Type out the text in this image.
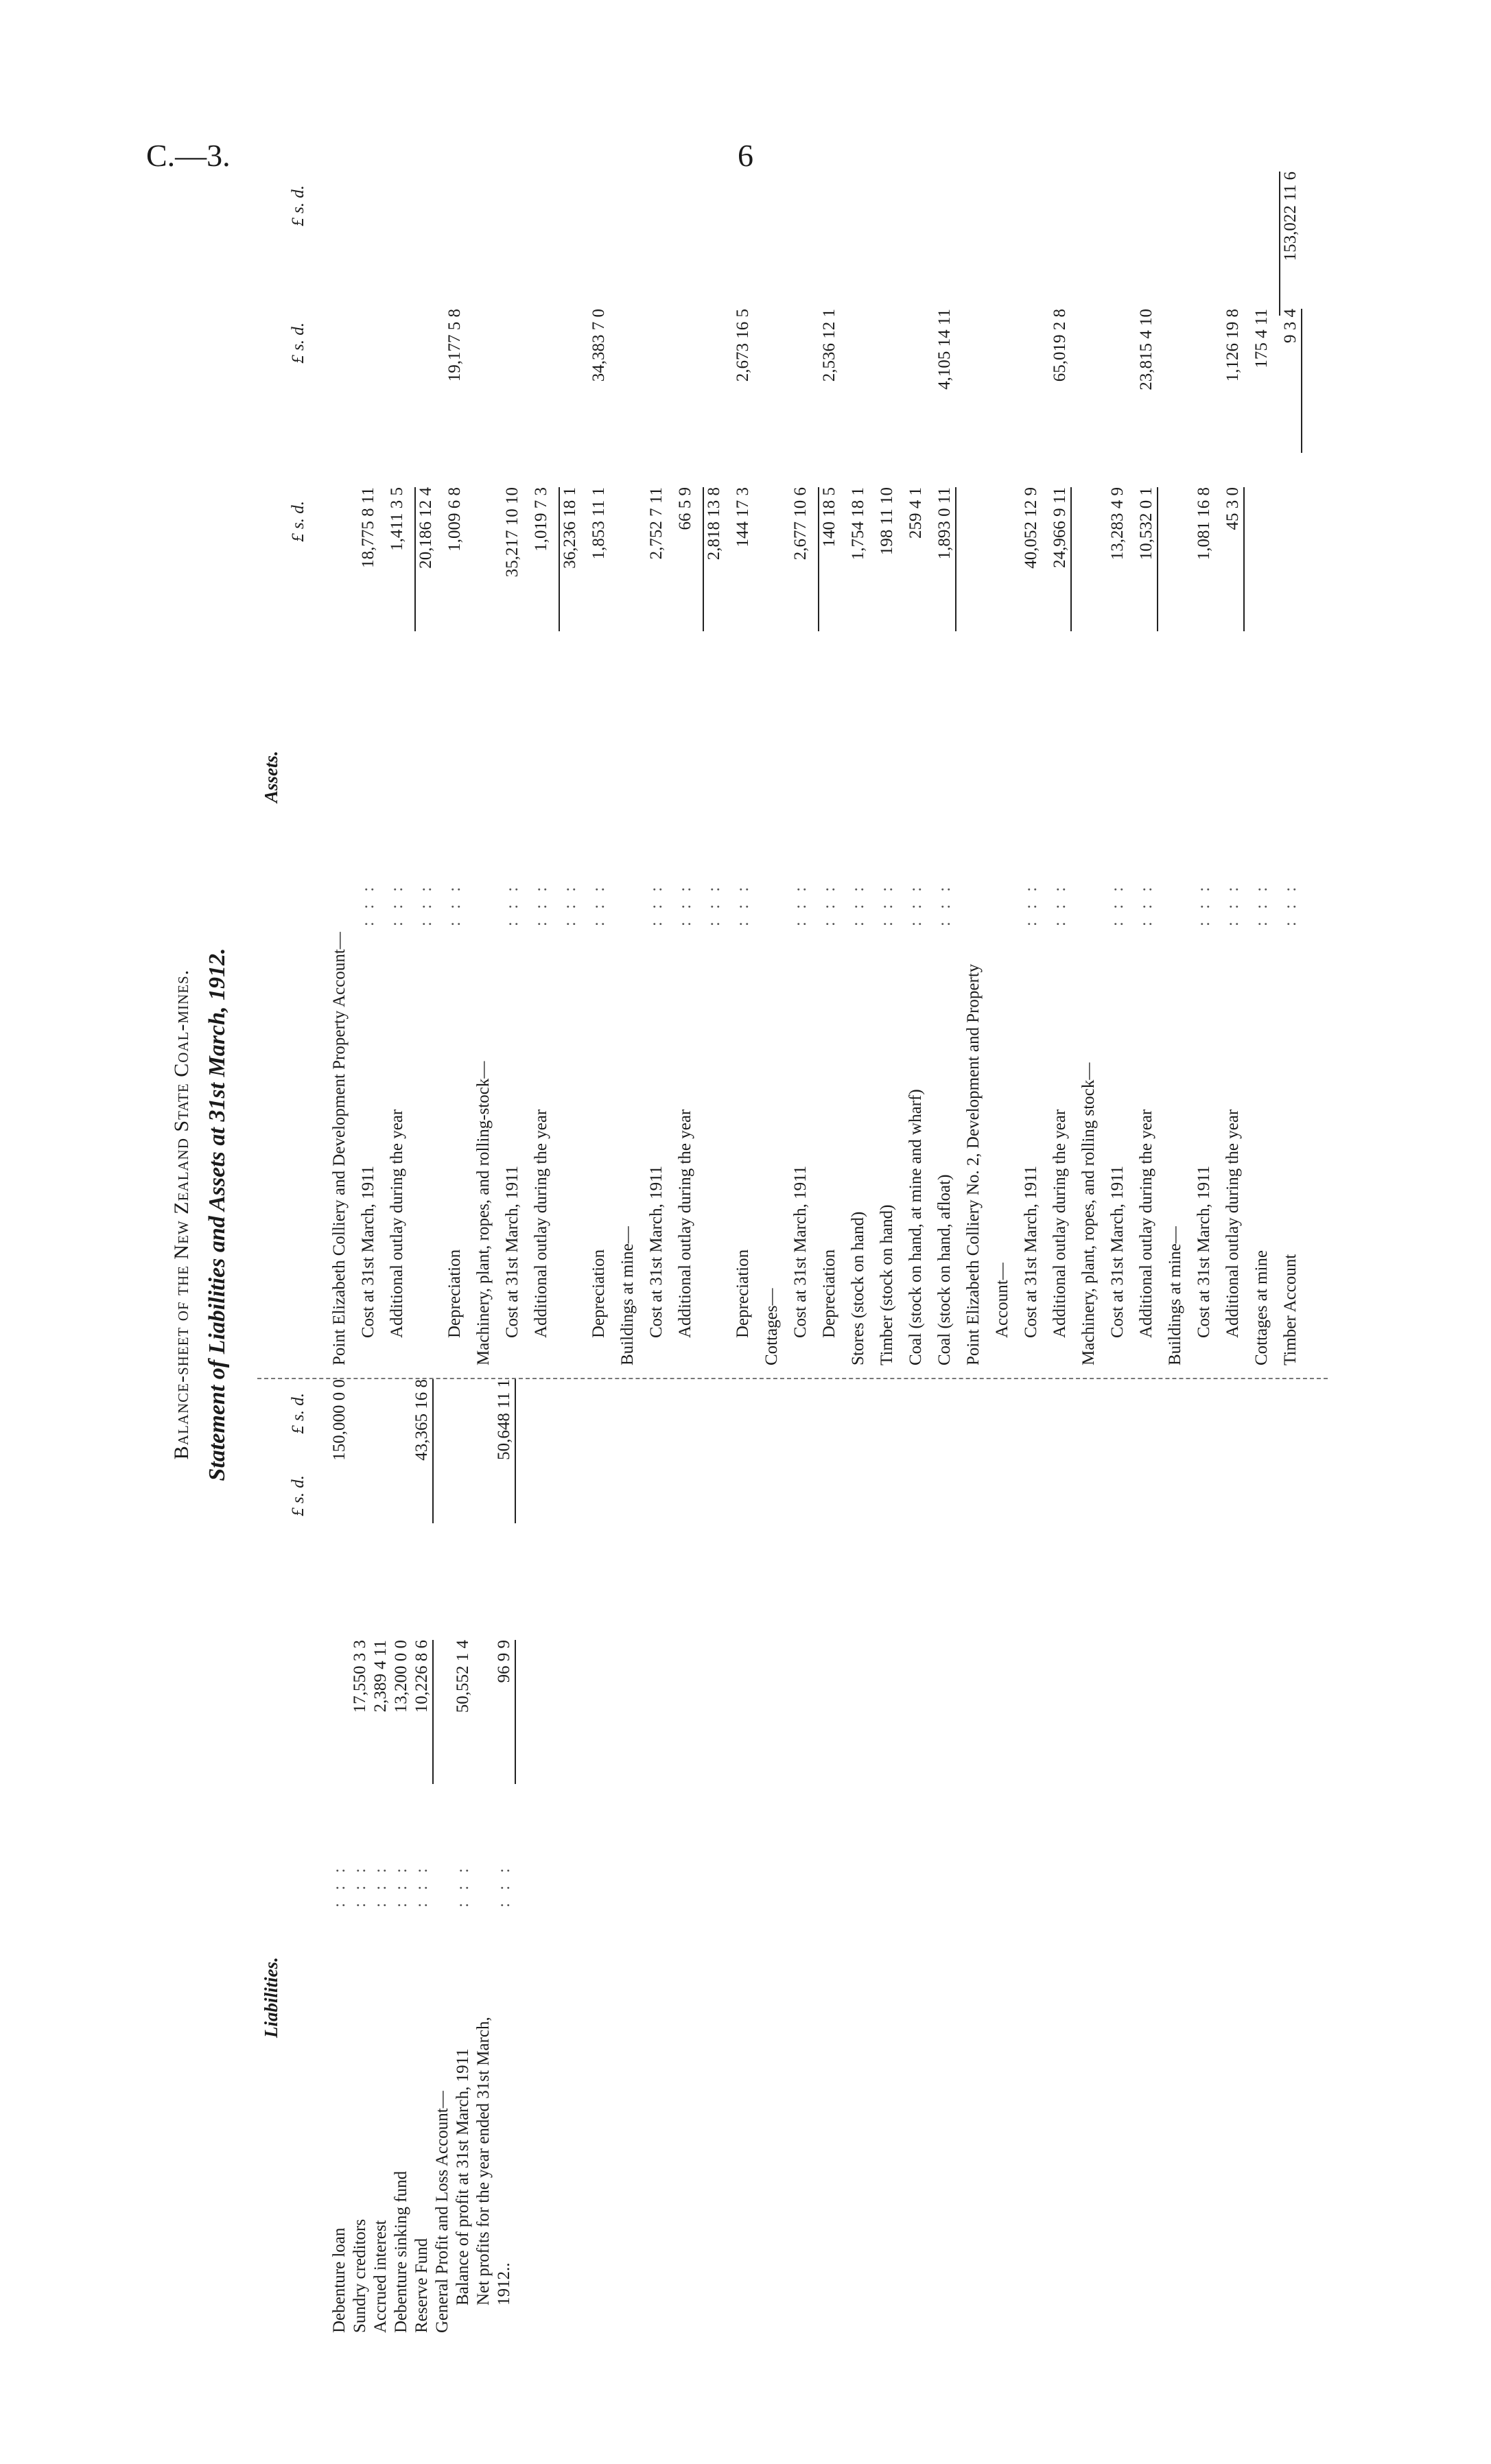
C.—3.	6
Balance-sheet of the New Zealand State Coal-mines. Statement of Liabilities and Assets at 31st March, 1912.
Liabilities.
Assets.
£ s. d.
£ s. d.
£ s. d.
£ s. d.
£ s. d.
Debenture loan
: : :
150,000 0 0
Sundry creditors
: : :
17,550 3 3
Accrued interest
: : :
2,389 4 11
Debenture sinking fund
: : :
13,200 0 0
Reserve Fund
: : :
10,226 8 6
43,365 16 8
General Profit and Loss Account— Balance of profit at 31st March, 1911
: : :
50,552 1 4
Net profits for the year ended 31st March, 1912..
: : :
96 9 9
50,648 11 1
Point Elizabeth Colliery and Development Property Account— Cost at 31st March, 1911
: : :
18,775 8 11
Additional outlay during the year
: : :
1,411 3 5
: : :
20,186 12 4
Depreciation
: : :
1,009 6 8
19,177 5 8
Machinery, plant, ropes, and rolling-stock— Cost at 31st March, 1911
: : :
35,217 10 10
Additional outlay during the year
: : :
1,019 7 3
: : :
36,236 18 1
Depreciation
: : :
1,853 11 1
34,383 7 0
Buildings at mine— Cost at 31st March, 1911
: : :
2,752 7 11
Additional outlay during the year
: : :
66 5 9
: : :
2,818 13 8
Depreciation
: : :
144 17 3
2,673 16 5
Cottages— Cost at 31st March, 1911
: : :
2,677 10 6
Depreciation
: : :
140 18 5
2,536 12 1
Stores (stock on hand)
: : :
1,754 18 1
Timber (stock on hand)
: : :
198 11 10
Coal (stock on hand, at mine and wharf)
: : :
259 4 1
Coal (stock on hand, afloat)
: : :
1,893 0 11
4,105 14 11
Point Elizabeth Colliery No. 2, Development and Property Account— Cost at 31st March, 1911
: : :
40,052 12 9
Additional outlay during the year
: : :
24,966 9 11
65,019 2 8
Machinery, plant, ropes, and rolling stock— Cost at 31st March, 1911
: : :
13,283 4 9
Additional outlay during the year
: : :
10,532 0 1
23,815 4 10
Buildings at mine— Cost at 31st March, 1911
: : :
1,081 16 8
Additional outlay during the year
: : :
45 3 0
1,126 19 8
Cottages at mine
: : :
175 4 11
Timber Account
: : :
9 3 4
153,022 11 6
